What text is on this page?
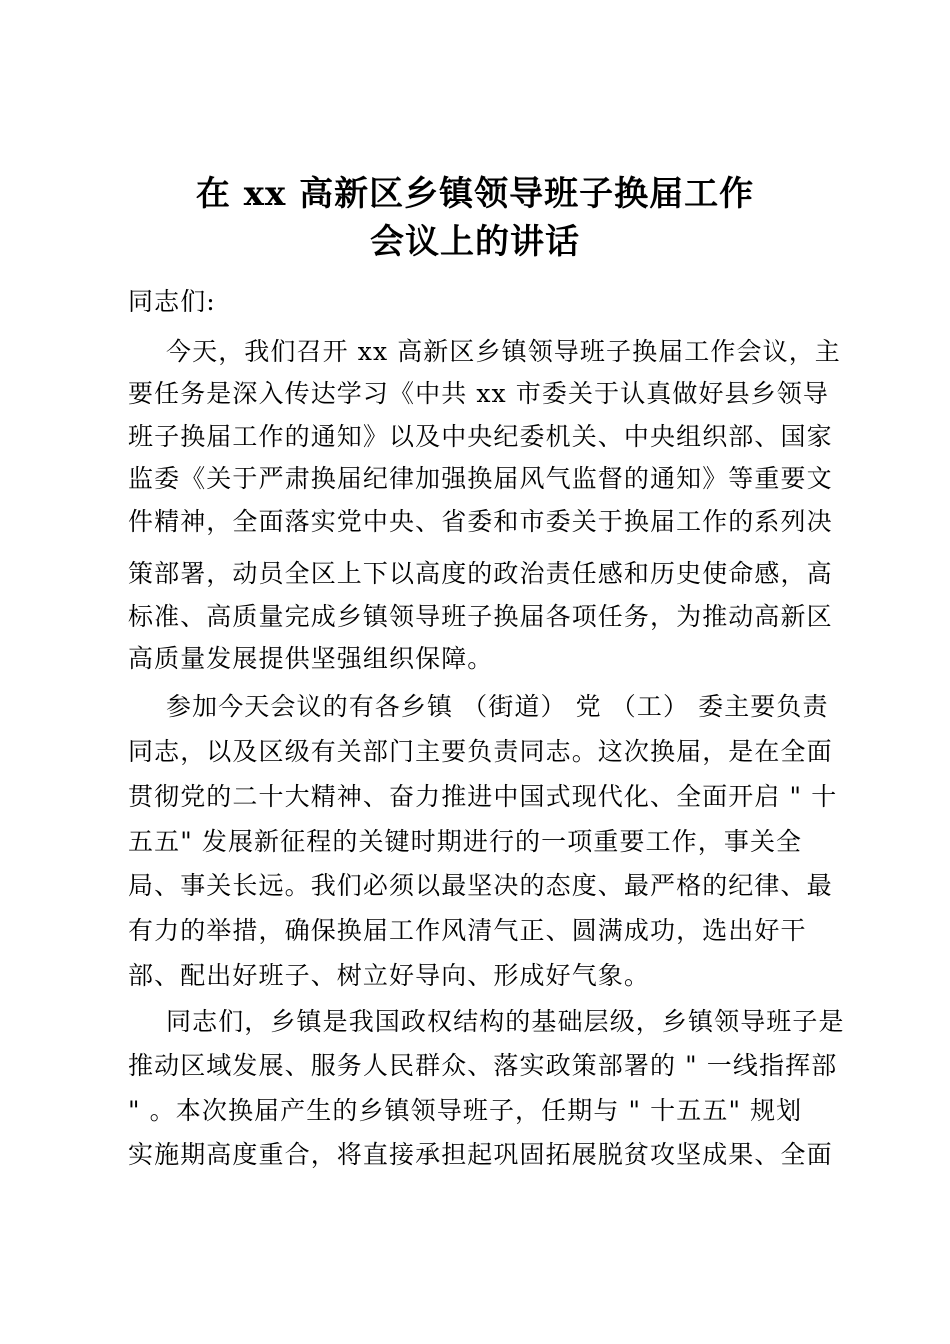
在 xx 高新区乡镇领导班子换届工作
会议上的讲话
同志们:
今天，我们召开 xx 高新区乡镇领导班子换届工作会议，主
要任务是深入传达学习《中共 xx 市委关于认真做好县乡领导
班子换届工作的通知》以及中央纪委机关、中央组织部、国家
监委《关于严肃换届纪律加强换届风气监督的通知》等重要文
件精神，全面落实党中央、省委和市委关于换届工作的系列决
策部署，动员全区上下以高度的政治责任感和历史使命感，高
标准、高质量完成乡镇领导班子换届各项任务，为推动高新区
高质量发展提供坚强组织保障。
参加今天会议的有各乡镇 （街道） 党 （工） 委主要负责
同志，以及区级有关部门主要负责同志。这次换届，是在全面
贯彻党的二十大精神、奋力推进中国式现代化、全面开启 " 十
五五" 发展新征程的关键时期进行的一项重要工作，事关全
局、事关长远。我们必须以最坚决的态度、最严格的纪律、最
有力的举措，确保换届工作风清气正、圆满成功，选出好干
部、配出好班子、树立好导向、形成好气象。
同志们，乡镇是我国政权结构的基础层级，乡镇领导班子是
推动区域发展、服务人民群众、落实政策部署的 " 一线指挥部
" 。本次换届产生的乡镇领导班子，任期与 " 十五五" 规划
实施期高度重合，将直接承担起巩固拓展脱贫攻坚成果、全面
